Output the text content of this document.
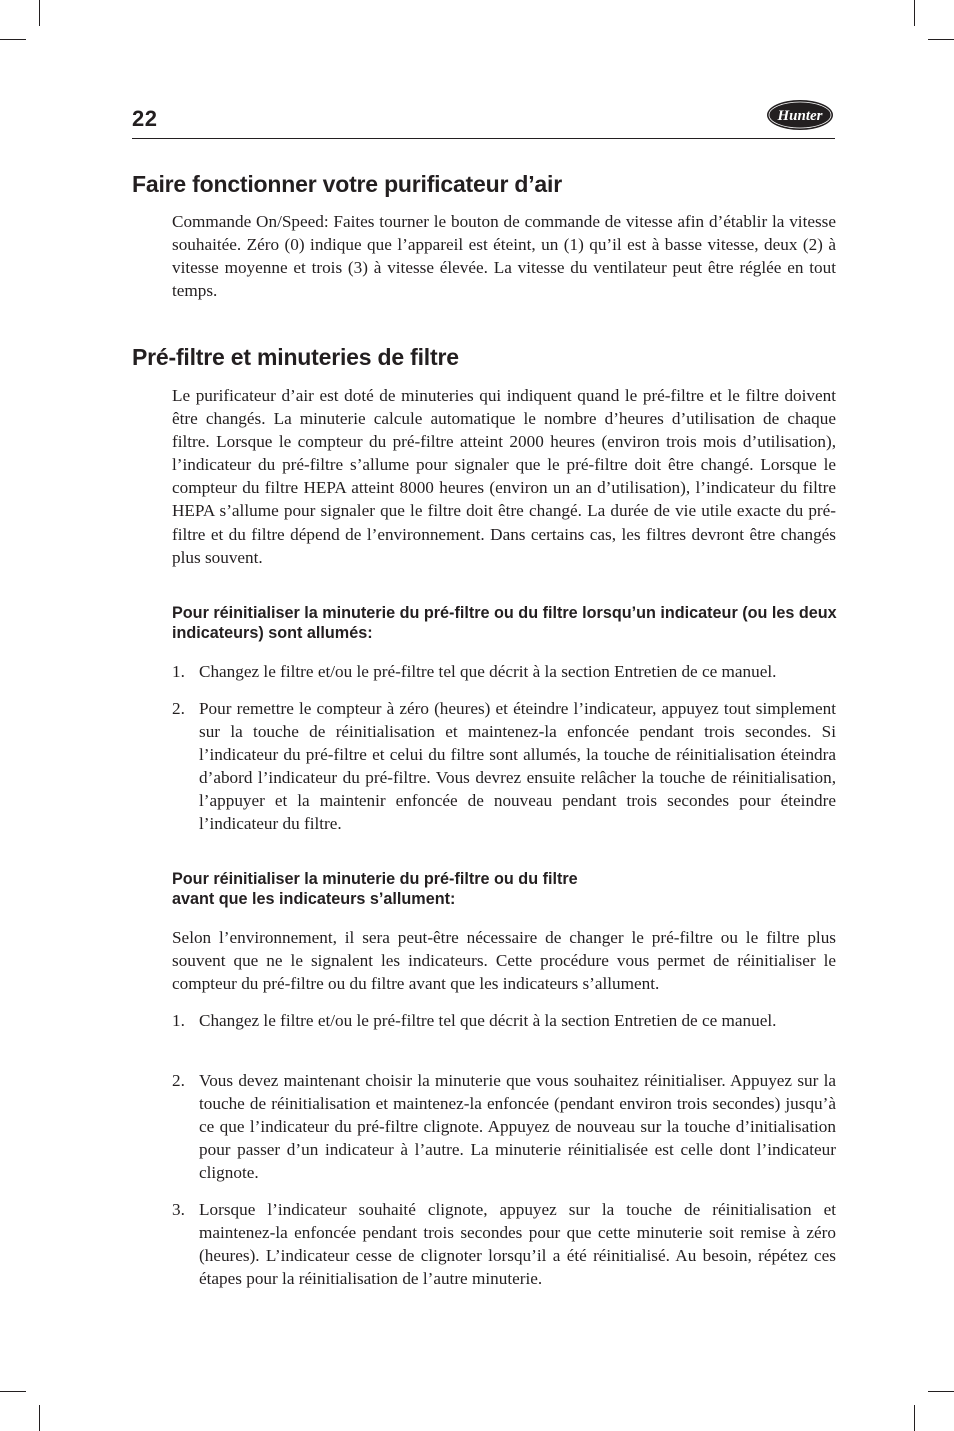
22	Hunter
Faire fonctionner votre purificateur d’air

Commande On/Speed: Faites tourner le bouton de commande de vitesse afin d’établir la vitesse souhaitée. Zéro (0) indique que l’appareil est éteint, un (1) qu’il est à basse vitesse, deux (2) à vitesse moyenne et trois (3) à vitesse élevée. La vitesse du ventilateur peut être réglée en tout temps.

Pré-filtre et minuteries de filtre

Le purificateur d’air est doté de minuteries qui indiquent quand le pré-filtre et le filtre doivent être changés. La minuterie calcule automatique le nombre d’heures d’utilisation de chaque filtre. Lorsque le compteur du pré-filtre atteint 2000 heures (environ trois mois d’utilisation), l’indicateur du pré-filtre s’allume pour signaler que le pré-filtre doit être changé. Lorsque le compteur du filtre HEPA atteint 8000 heures (environ un an d’utilisation), l’indicateur du filtre HEPA s’allume pour signaler que le filtre doit être changé. La durée de vie utile exacte du pré-filtre et du filtre dépend de l’environnement. Dans certains cas, les filtres devront être changés plus souvent.

Pour réinitialiser la minuterie du pré-filtre ou du filtre lorsqu’un indicateur (ou les deux indicateurs) sont allumés:
1. Changez le filtre et/ou le pré-filtre tel que décrit à la section Entretien de ce manuel.
2. Pour remettre le compteur à zéro (heures) et éteindre l’indicateur, appuyez tout simplement sur la touche de réinitialisation et maintenez-la enfoncée pendant trois secondes. Si l’indicateur du pré-filtre et celui du filtre sont allumés, la touche de réinitialisation éteindra d’abord l’indicateur du pré-filtre. Vous devrez ensuite relâcher la touche de réinitialisation, l’appuyer et la maintenir enfoncée de nouveau pendant trois secondes pour éteindre l’indicateur du filtre.
Pour réinitialiser la minuterie du pré-filtre ou du filtre
avant que les indicateurs s’allument:

Selon l’environnement, il sera peut-être nécessaire de changer le pré-filtre ou le filtre plus souvent que ne le signalent les indicateurs. Cette procédure vous permet de réinitialiser le compteur du pré-filtre ou du filtre avant que les indicateurs s’allument.

1. Changez le filtre et/ou le pré-filtre tel que décrit à la section Entretien de ce manuel.
2. Vous devez maintenant choisir la minuterie que vous souhaitez réinitialiser. Appuyez sur la touche de réinitialisation et maintenez-la enfoncée (pendant environ trois secondes) jusqu’à ce que l’indicateur du pré-filtre clignote. Appuyez de nouveau sur la touche d’initialisation pour passer d’un indicateur à l’autre. La minuterie réinitialisée est celle dont l’indicateur clignote.
3. Lorsque l’indicateur souhaité clignote, appuyez sur la touche de réinitialisation et maintenez-la enfoncée pendant trois secondes pour que cette minuterie soit remise à zéro (heures). L’indicateur cesse de clignoter lorsqu’il a été réinitialisé. Au besoin, répétez ces étapes pour la réinitialisation de l’autre minuterie.
